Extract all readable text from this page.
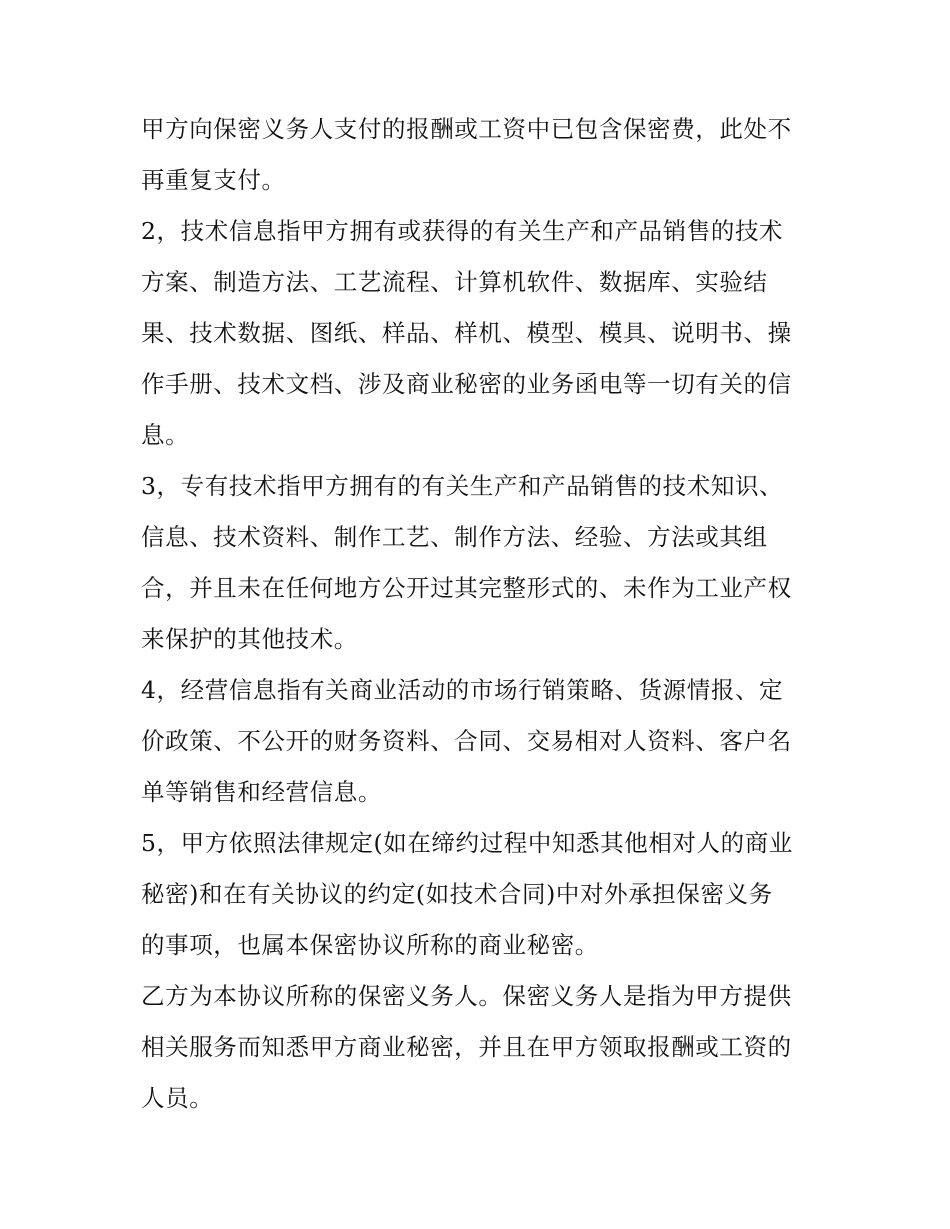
甲方向保密义务人支付的报酬或工资中已包含保密费，此处不
再重复支付。

2，技术信息指甲方拥有或获得的有关生产和产品销售的技术
方案、制造方法、工艺流程、计算机软件、数据库、实验结
果、技术数据、图纸、样品、样机、模型、模具、说明书、操
作手册、技术文档、涉及商业秘密的业务函电等一切有关的信
息。

3，专有技术指甲方拥有的有关生产和产品销售的技术知识、
信息、技术资料、制作工艺、制作方法、经验、方法或其组
合，并且未在任何地方公开过其完整形式的、未作为工业产权
来保护的其他技术。

4，经营信息指有关商业活动的市场行销策略、货源情报、定
价政策、不公开的财务资料、合同、交易相对人资料、客户名
单等销售和经营信息。

5，甲方依照法律规定(如在缔约过程中知悉其他相对人的商业
秘密)和在有关协议的约定(如技术合同)中对外承担保密义务
的事项，也属本保密协议所称的商业秘密。

乙方为本协议所称的保密义务人。保密义务人是指为甲方提供
相关服务而知悉甲方商业秘密，并且在甲方领取报酬或工资的
人员。
